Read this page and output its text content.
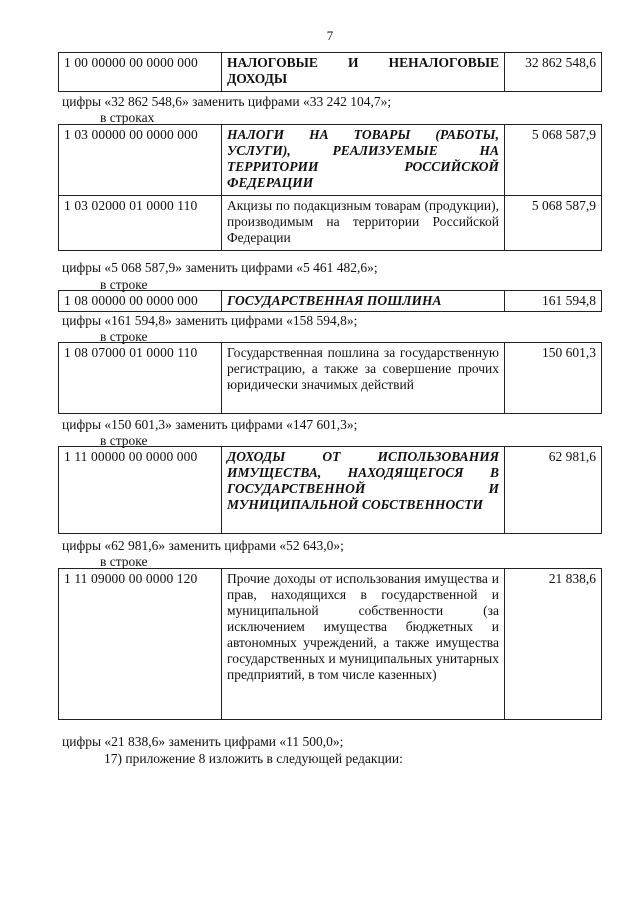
7
1 00 00000 00 0000 000	НАЛОГОВЫЕ И НЕНАЛОГОВЫЕ ДОХОДЫ	32 862 548,6
цифры «32 862 548,6» заменить цифрами «33 242 104,7»;
в строках
1 03 00000 00 0000 000	НАЛОГИ НА ТОВАРЫ (РАБОТЫ, УСЛУГИ), РЕАЛИЗУЕМЫЕ НА ТЕРРИТОРИИ РОССИЙСКОЙ ФЕДЕРАЦИИ	5 068 587,9
1 03 02000 01 0000 110	Акцизы по подакцизным товарам (продукции), производимым на территории Российской Федерации	5 068 587,9
цифры «5 068 587,9» заменить цифрами «5 461 482,6»;
в строке
1 08 00000 00 0000 000	ГОСУДАРСТВЕННАЯ ПОШЛИНА	161 594,8
цифры «161 594,8» заменить цифрами «158 594,8»;
в строке
1 08 07000 01 0000 110	Государственная пошлина за государственную регистрацию, а также за совершение прочих юридически значимых действий	150 601,3
цифры «150 601,3» заменить цифрами «147 601,3»;
в строке
1 11 00000 00 0000 000	ДОХОДЫ ОТ ИСПОЛЬЗОВАНИЯ ИМУЩЕСТВА, НАХОДЯЩЕГОСЯ В ГОСУДАРСТВЕННОЙ И МУНИЦИПАЛЬНОЙ СОБСТВЕННОСТИ	62 981,6
цифры «62 981,6» заменить цифрами «52 643,0»;
в строке
1 11 09000 00 0000 120	Прочие доходы от использования имущества и прав, находящихся в государственной и муниципальной собственности (за исключением имущества бюджетных и автономных учреждений, а также имущества государственных и муниципальных унитарных предприятий, в том числе казенных)	21 838,6
цифры «21 838,6» заменить цифрами «11 500,0»;
17) приложение 8 изложить в следующей редакции:
